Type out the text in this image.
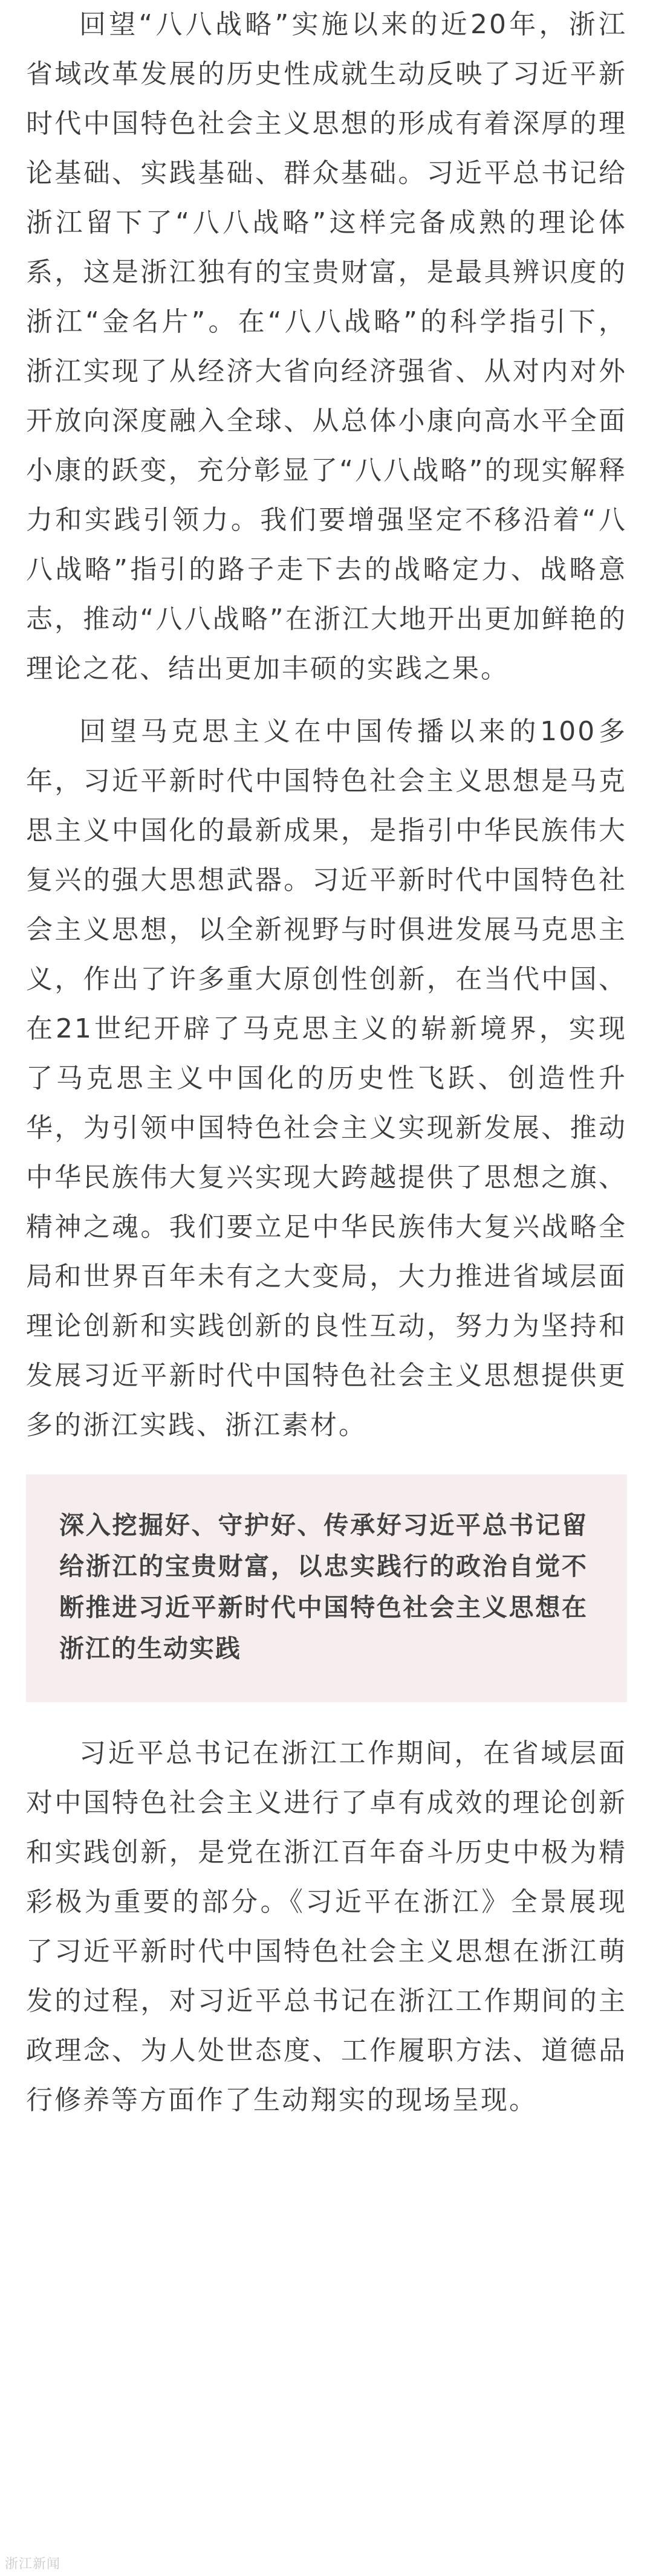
回望“八八战略”实施以来的近20年，浙江省域改革发展的历史性成就生动反映了习近平新时代中国特色社会主义思想的形成有着深厚的理论基础、实践基础、群众基础。习近平总书记给浙江留下了“八八战略”这样完备成熟的理论体系，这是浙江独有的宝贵财富，是最具辨识度的浙江“金名片”。在“八八战略”的科学指引下，浙江实现了从经济大省向经济强省、从对内对外开放向深度融入全球、从总体小康向高水平全面小康的跃变，充分彰显了“八八战略”的现实解释力和实践引领力。我们要增强坚定不移沿着“八八战略”指引的路子走下去的战略定力、战略意志，推动“八八战略”在浙江大地开出更加鲜艳的理论之花、结出更加丰硕的实践之果。

回望马克思主义在中国传播以来的100多年，习近平新时代中国特色社会主义思想是马克思主义中国化的最新成果，是指引中华民族伟大复兴的强大思想武器。习近平新时代中国特色社会主义思想，以全新视野与时俱进发展马克思主义，作出了许多重大原创性创新，在当代中国、在21世纪开辟了马克思主义的崭新境界，实现了马克思主义中国化的历史性飞跃、创造性升华，为引领中国特色社会主义实现新发展、推动中华民族伟大复兴实现大跨越提供了思想之旗、精神之魂。我们要立足中华民族伟大复兴战略全局和世界百年未有之大变局，大力推进省域层面理论创新和实践创新的良性互动，努力为坚持和发展习近平新时代中国特色社会主义思想提供更多的浙江实践、浙江素材。

深入挖掘好、守护好、传承好习近平总书记留给浙江的宝贵财富，以忠实践行的政治自觉不断推进习近平新时代中国特色社会主义思想在浙江的生动实践

习近平总书记在浙江工作期间，在省域层面对中国特色社会主义进行了卓有成效的理论创新和实践创新，是党在浙江百年奋斗历史中极为精彩极为重要的部分。《习近平在浙江》全景展现了习近平新时代中国特色社会主义思想在浙江萌发的过程，对习近平总书记在浙江工作期间的主政理念、为人处世态度、工作履职方法、道德品行修养等方面作了生动翔实的现场呈现。

浙江新闻
